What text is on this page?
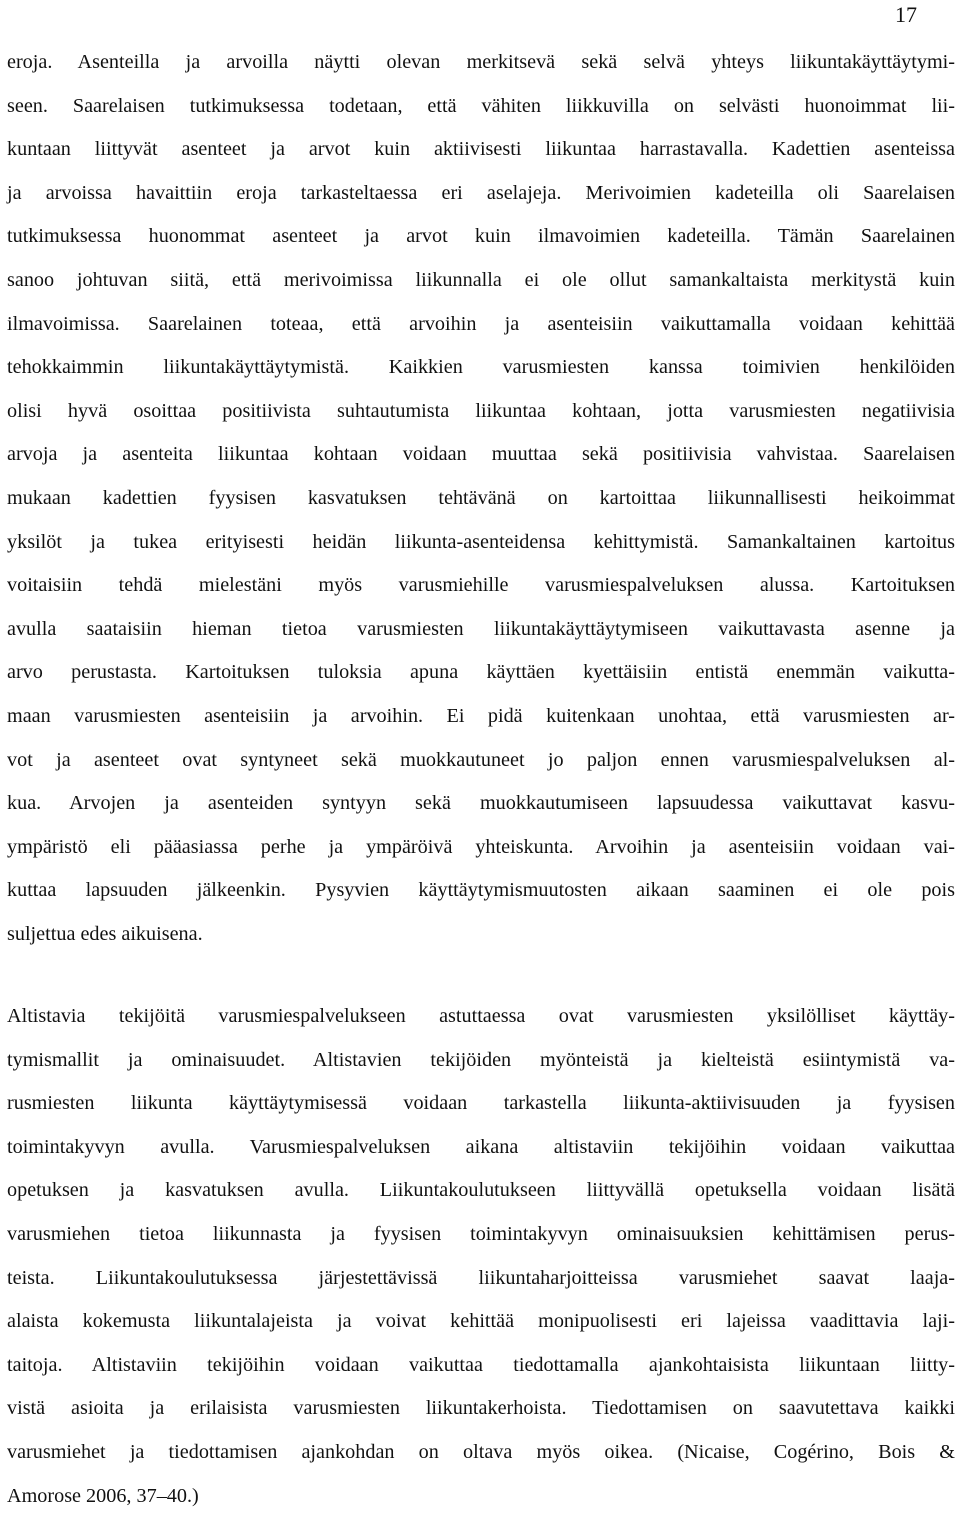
17
eroja. Asenteilla ja arvoilla näytti olevan merkitsevä sekä selvä yhteys liikuntakäyttäytymi-
seen. Saarelaisen tutkimuksessa todetaan, että vähiten liikkuvilla on selvästi huonoimmat lii-
kuntaan liittyvät asenteet ja arvot kuin aktiivisesti liikuntaa harrastavalla. Kadettien asenteissa
ja arvoissa havaittiin eroja tarkasteltaessa eri aselajeja. Merivoimien kadeteilla oli Saarelaisen
tutkimuksessa huonommat asenteet ja arvot kuin ilmavoimien kadeteilla. Tämän Saarelainen
sanoo johtuvan siitä, että merivoimissa liikunnalla ei ole ollut samankaltaista merkitystä kuin
ilmavoimissa. Saarelainen toteaa, että arvoihin ja asenteisiin vaikuttamalla voidaan kehittää
tehokkaimmin liikuntakäyttäytymistä. Kaikkien varusmiesten kanssa toimivien henkilöiden
olisi hyvä osoittaa positiivista suhtautumista liikuntaa kohtaan, jotta varusmiesten negatiivisia
arvoja ja asenteita liikuntaa kohtaan voidaan muuttaa sekä positiivisia vahvistaa. Saarelaisen
mukaan kadettien fyysisen kasvatuksen tehtävänä on kartoittaa liikunnallisesti heikoimmat
yksilöt ja tukea erityisesti heidän liikunta-asenteidensa kehittymistä. Samankaltainen kartoitus
voitaisiin tehdä mielestäni myös varusmiehille varusmiespalveluksen alussa. Kartoituksen
avulla saataisiin hieman tietoa varusmiesten liikuntakäyttäytymiseen vaikuttavasta asenne ja
arvo perustasta. Kartoituksen tuloksia apuna käyttäen kyettäisiin entistä enemmän vaikutta-
maan varusmiesten asenteisiin ja arvoihin. Ei pidä kuitenkaan unohtaa, että varusmiesten ar-
vot ja asenteet ovat syntyneet sekä muokkautuneet jo paljon ennen varusmiespalveluksen al-
kua. Arvojen ja asenteiden syntyyn sekä muokkautumiseen lapsuudessa vaikuttavat kasvu-
ympäristö eli pääasiassa perhe ja ympäröivä yhteiskunta. Arvoihin ja asenteisiin voidaan vai-
kuttaa lapsuuden jälkeenkin. Pysyvien käyttäytymismuutosten aikaan saaminen ei ole pois
suljettua edes aikuisena.
Altistavia tekijöitä varusmiespalvelukseen astuttaessa ovat varusmiesten yksilölliset käyttäy-
tymismallit ja ominaisuudet. Altistavien tekijöiden myönteistä ja kielteistä esiintymistä va-
rusmiesten liikunta käyttäytymisessä voidaan tarkastella liikunta-aktiivisuuden ja fyysisen
toimintakyvyn avulla. Varusmiespalveluksen aikana altistaviin tekijöihin voidaan vaikuttaa
opetuksen ja kasvatuksen avulla. Liikuntakoulutukseen liittyvällä opetuksella voidaan lisätä
varusmiehen tietoa liikunnasta ja fyysisen toimintakyvyn ominaisuuksien kehittämisen perus-
teista. Liikuntakoulutuksessa järjestettävissä liikuntaharjoitteissa varusmiehet saavat laaja-
alaista kokemusta liikuntalajeista ja voivat kehittää monipuolisesti eri lajeissa vaadittavia laji-
taitoja. Altistaviin tekijöihin voidaan vaikuttaa tiedottamalla ajankohtaisista liikuntaan liitty-
vistä asioita ja erilaisista varusmiesten liikuntakerhoista. Tiedottamisen on saavutettava kaikki
varusmiehet ja tiedottamisen ajankohdan on oltava myös oikea. (Nicaise, Cogérino, Bois &
Amorose 2006, 37–40.)
